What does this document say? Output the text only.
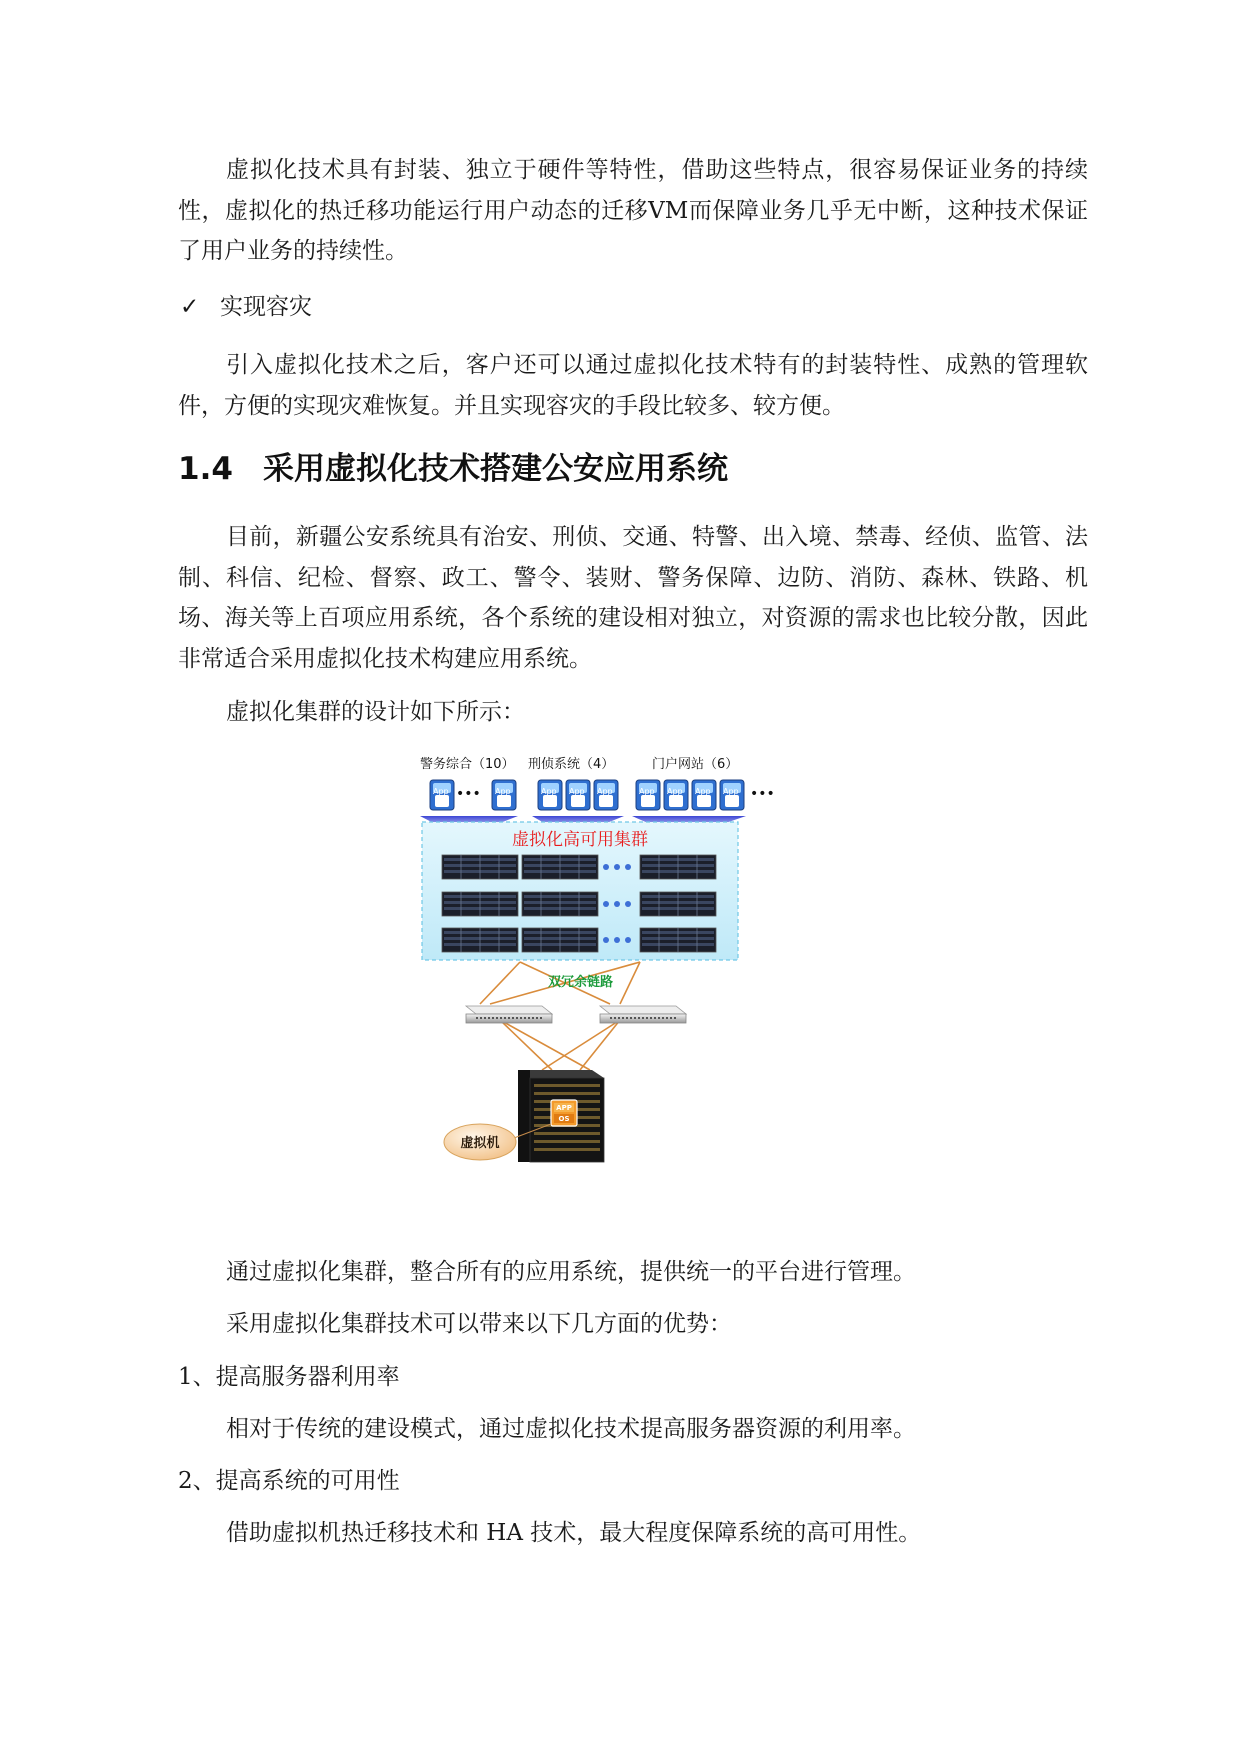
虚拟化技术具有封装、独立于硬件等特性，借助这些特点，很容易保证业务的持续性，虚拟化的热迁移功能运行用户动态的迁移VM而保障业务几乎无中断，这种技术保证了用户业务的持续性。

✓ 实现容灾

引入虚拟化技术之后，客户还可以通过虚拟化技术特有的封装特性、成熟的管理软件，方便的实现灾难恢复。并且实现容灾的手段比较多、较方便。

1.4 采用虚拟化技术搭建公安应用系统

目前，新疆公安系统具有治安、刑侦、交通、特警、出入境、禁毒、经侦、监管、法制、科信、纪检、督察、政工、警令、装财、警务保障、边防、消防、森林、铁路、机场、海关等上百项应用系统，各个系统的建设相对独立，对资源的需求也比较分散，因此非常适合采用虚拟化技术构建应用系统。

虚拟化集群的设计如下所示：

警务综合（10） 刑侦系统（4）	门户网站（6）
App ••• App	App App App	App App App App •••
虚拟化高可用集群
双冗余链路
APP
OS
虚拟机

通过虚拟化集群，整合所有的应用系统，提供统一的平台进行管理。

采用虚拟化集群技术可以带来以下几方面的优势：

1、提高服务器利用率

相对于传统的建设模式，通过虚拟化技术提高服务器资源的利用率。

2、提高系统的可用性

借助虚拟机热迁移技术和 HA 技术，最大程度保障系统的高可用性。
